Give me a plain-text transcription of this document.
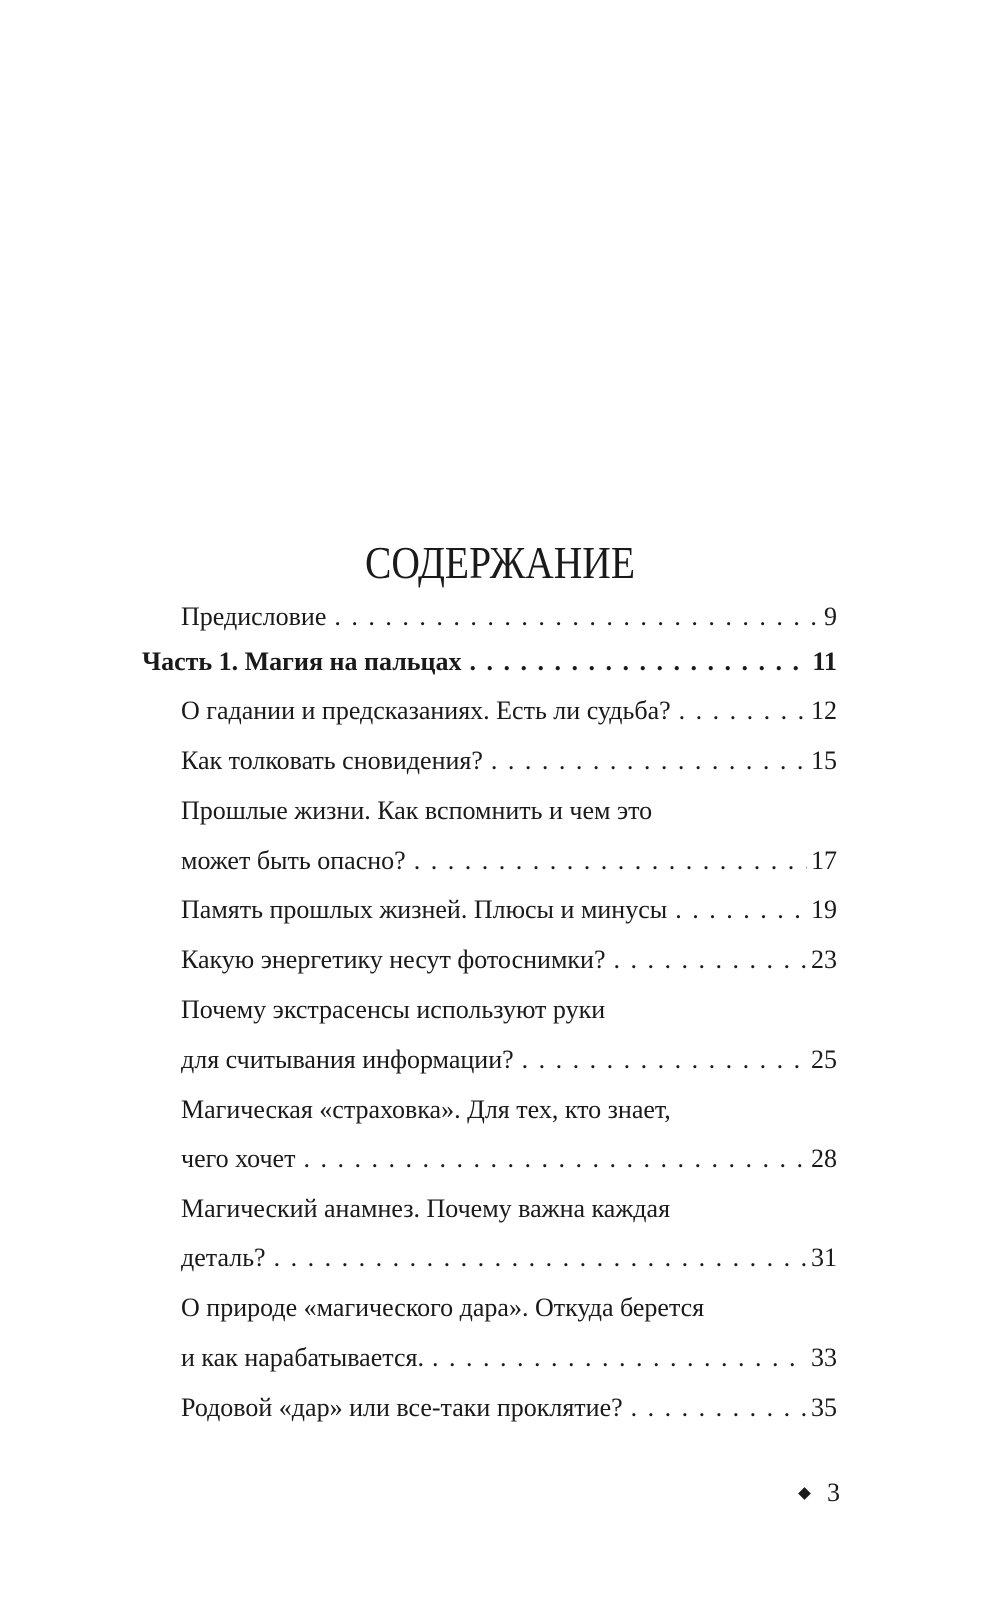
СОДЕРЖАНИЕ
Предисловие . . .	9
Часть 1. Магия на пальцах . . .	11
О гадании и предсказаниях. Есть ли судьба? . . .	12
Как толковать сновидения? . . .	15
Прошлые жизни. Как вспомнить и чем это
может быть опасно? . . .	17
Память прошлых жизней. Плюсы и минусы . . .	19
Какую энергетику несут фотоснимки? . . .	23
Почему экстрасенсы используют руки
для считывания информации? . . .	25
Магическая «страховка». Для тех, кто знает,
чего хочет . . .	28
Магический анамнез. Почему важна каждая
деталь? . . .	31
О природе «магического дара». Откуда берется
и как нарабатывается. . . .	33
Родовой «дар» или все-таки проклятие? . . .	35
3
